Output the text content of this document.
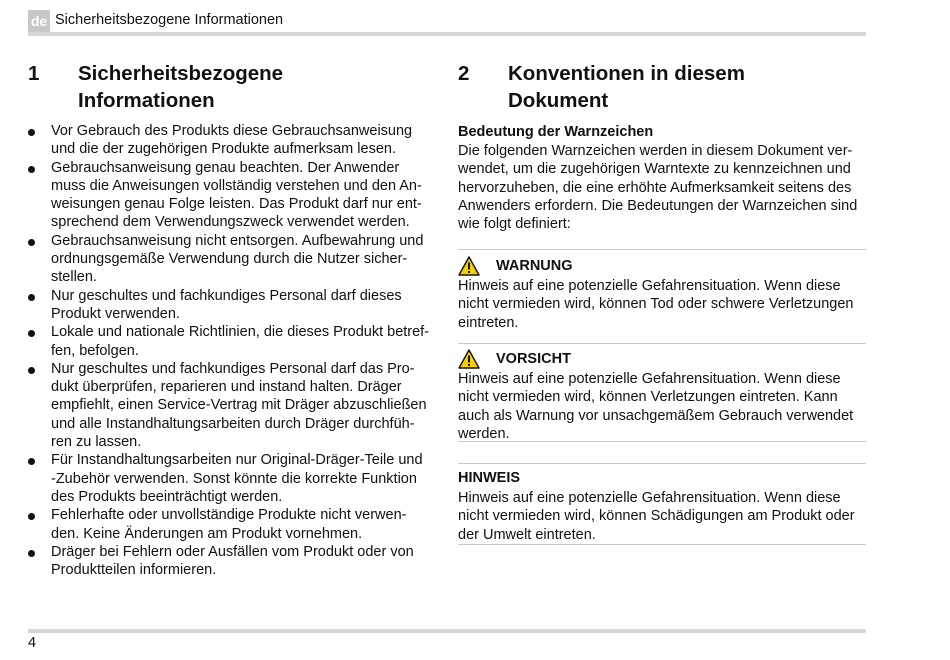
de Sicherheitsbezogene Informationen
1	Sicherheitsbezogene
Informationen
Vor Gebrauch des Produkts diese Gebrauchsanweisung
und die der zugehörigen Produkte aufmerksam lesen.
Gebrauchsanweisung genau beachten. Der Anwender
muss die Anweisungen vollständig verstehen und den An-
weisungen genau Folge leisten. Das Produkt darf nur ent-
sprechend dem Verwendungszweck verwendet werden.
Gebrauchsanweisung nicht entsorgen. Aufbewahrung und
ordnungsgemäße Verwendung durch die Nutzer sicher-
stellen.
Nur geschultes und fachkundiges Personal darf dieses
Produkt verwenden.
Lokale und nationale Richtlinien, die dieses Produkt betref-
fen, befolgen.
Nur geschultes und fachkundiges Personal darf das Pro-
dukt überprüfen, reparieren und instand halten. Dräger
empfiehlt, einen Service-Vertrag mit Dräger abzuschließen
und alle Instandhaltungsarbeiten durch Dräger durchfüh-
ren zu lassen.
Für Instandhaltungsarbeiten nur Original-Dräger-Teile und
-Zubehör verwenden. Sonst könnte die korrekte Funktion
des Produkts beeinträchtigt werden.
Fehlerhafte oder unvollständige Produkte nicht verwen-
den. Keine Änderungen am Produkt vornehmen.
Dräger bei Fehlern oder Ausfällen vom Produkt oder von
Produktteilen informieren.
2	Konventionen in diesem
Dokument
Bedeutung der Warnzeichen
Die folgenden Warnzeichen werden in diesem Dokument ver-
wendet, um die zugehörigen Warntexte zu kennzeichnen und
hervorzuheben, die eine erhöhte Aufmerksamkeit seitens des
Anwenders erfordern. Die Bedeutungen der Warnzeichen sind
wie folgt definiert:
WARNUNG
Hinweis auf eine potenzielle Gefahrensituation. Wenn diese
nicht vermieden wird, können Tod oder schwere Verletzungen
eintreten.
VORSICHT
Hinweis auf eine potenzielle Gefahrensituation. Wenn diese
nicht vermieden wird, können Verletzungen eintreten. Kann
auch als Warnung vor unsachgemäßem Gebrauch verwendet
werden.
HINWEIS
Hinweis auf eine potenzielle Gefahrensituation. Wenn diese
nicht vermieden wird, können Schädigungen am Produkt oder
der Umwelt eintreten.
4
